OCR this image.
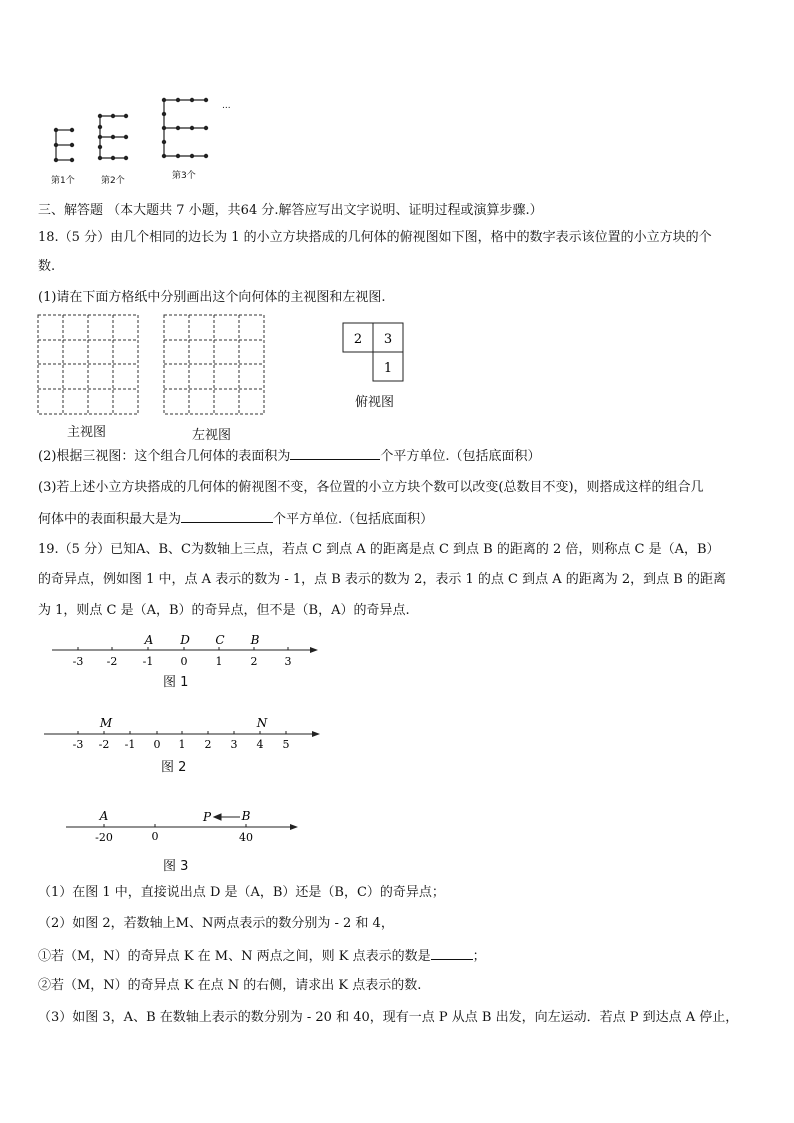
...
第1个	第2个	第3个
三、解答题 （本大题共 7 小题，共64 分.解答应写出文字说明、证明过程或演算步骤.）
18.（5 分）由几个相同的边长为 1 的小立方块搭成的几何体的俯视图如下图，格中的数字表示该位置的小立方块的个
数.
(1)请在下面方格纸中分别画出这个向何体的主视图和左视图.
主视图	左视图
2 3
1
俯视图
(2)根据三视图：这个组合几何体的表面积为	个平方单位.（包括底面积）
(3)若上述小立方块搭成的几何体的俯视图不变，各位置的小立方块个数可以改变(总数目不变)，则搭成这样的组合几
何体中的表面积最大是为	个平方单位.（包括底面积）
19.（5 分）已知A、B、C为数轴上三点，若点 C 到点 A 的距离是点 C 到点 B 的距离的 2 倍，则称点 C 是（A，B）
的奇异点，例如图 1 中，点 A 表示的数为 - 1，点 B 表示的数为 2，表示 1 的点 C 到点 A 的距离为 2，到点 B 的距离
为 1，则点 C 是（A，B）的奇异点，但不是（B，A）的奇异点.
A D C B
-3 -2 -1 0	1	2 3
图 1
M	N
-3 -2 -1 0 1 2 3 4 5
图 2
A	P	B
-20	0	40
图 3
（1）在图 1 中，直接说出点 D 是（A，B）还是（B，C）的奇异点；
（2）如图 2，若数轴上M、N两点表示的数分别为 - 2 和 4，
①若（M，N）的奇异点 K 在 M、N 两点之间，则 K 点表示的数是	；
②若（M，N）的奇异点 K 在点 N 的右侧，请求出 K 点表示的数.
（3）如图 3，A、B 在数轴上表示的数分别为 - 20 和 40，现有一点 P 从点 B 出发，向左运动．若点 P 到达点 A 停止，
